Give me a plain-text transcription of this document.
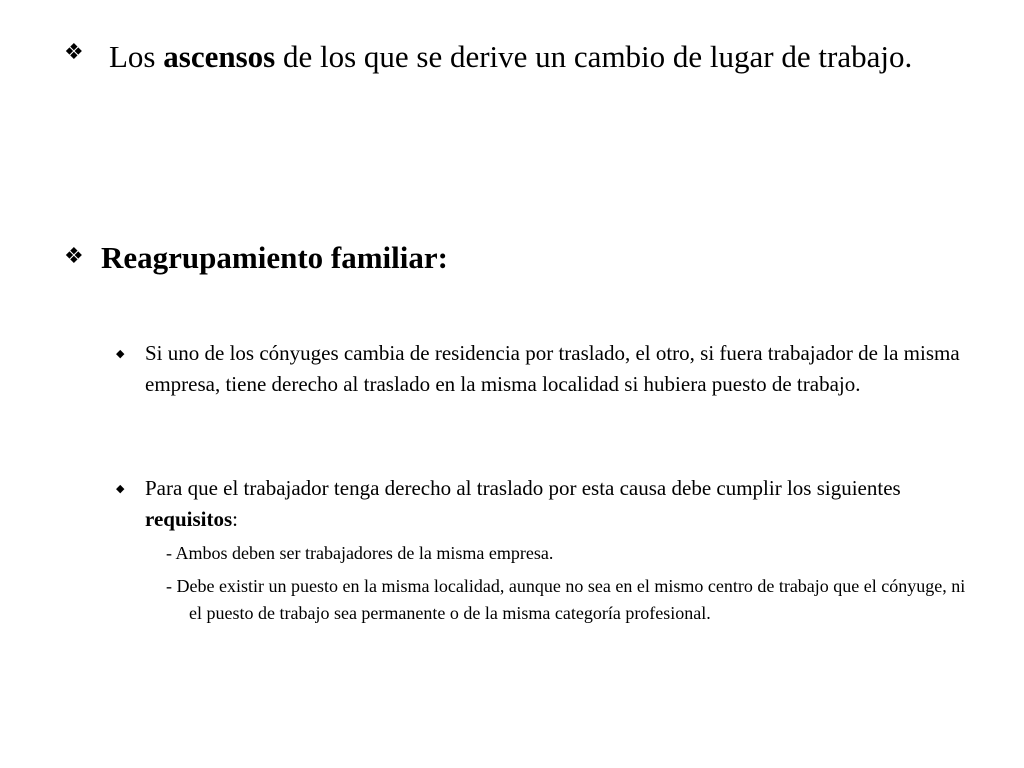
❖ Los ascensos de los que se derive un cambio de lugar de trabajo.
❖ Reagrupamiento familiar:
◆ Si uno de los cónyuges cambia de residencia por traslado, el otro, si fuera trabajador de la misma empresa, tiene derecho al traslado en la misma localidad si hubiera puesto de trabajo.
◆ Para que el trabajador tenga derecho al traslado por esta causa debe cumplir los siguientes requisitos:
- Ambos deben ser trabajadores de la misma empresa.
- Debe existir un puesto en la misma localidad, aunque no sea en el mismo centro de trabajo que el cónyuge, ni el puesto de trabajo sea permanente o de la misma categoría profesional.
